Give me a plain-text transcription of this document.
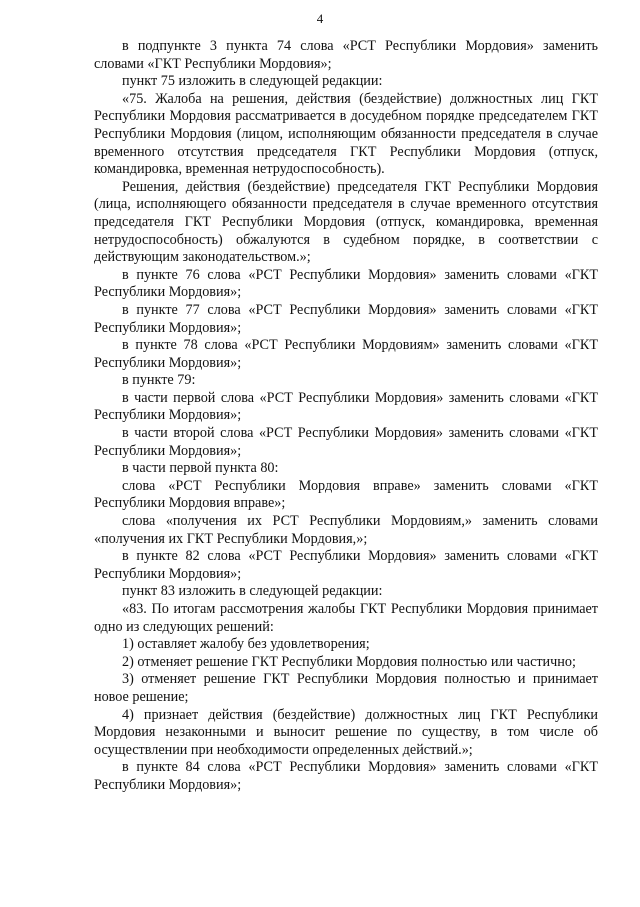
4

в подпункте 3 пункта 74 слова «РСТ Республики Мордовия» заменить словами «ГКТ Республики Мордовия»;

пункт 75 изложить в следующей редакции:

«75. Жалоба на решения, действия (бездействие) должностных лиц ГКТ Республики Мордовия рассматривается в досудебном порядке председателем ГКТ Республики Мордовия (лицом, исполняющим обязанности председателя в случае временного отсутствия председателя ГКТ Республики Мордовия (отпуск, командировка, временная нетрудоспособность).

Решения, действия (бездействие) председателя ГКТ Республики Мордовия (лица, исполняющего обязанности председателя в случае временного отсутствия председателя ГКТ Республики Мордовия (отпуск, командировка, временная нетрудоспособность) обжалуются в судебном порядке, в соответствии с действующим законодательством.»;

в пункте 76 слова «РСТ Республики Мордовия» заменить словами «ГКТ Республики Мордовия»;

в пункте 77 слова «РСТ Республики Мордовия» заменить словами «ГКТ Республики Мордовия»;

в пункте 78 слова «РСТ Республики Мордовиям» заменить словами «ГКТ Республики Мордовия»;

в пункте 79:

в части первой слова «РСТ Республики Мордовия» заменить словами «ГКТ Республики Мордовия»;

в части второй слова «РСТ Республики Мордовия» заменить словами «ГКТ Республики Мордовия»;

в части первой пункта 80:

слова «РСТ Республики Мордовия вправе» заменить словами «ГКТ Республики Мордовия вправе»;

слова «получения их РСТ Республики Мордовиям,» заменить словами «получения их ГКТ Республики Мордовия,»;

в пункте 82 слова «РСТ Республики Мордовия» заменить словами «ГКТ Республики Мордовия»;

пункт 83 изложить в следующей редакции:

«83. По итогам рассмотрения жалобы ГКТ Республики Мордовия принимает одно из следующих решений:

1) оставляет жалобу без удовлетворения;

2) отменяет решение ГКТ Республики Мордовия полностью или частично;

3) отменяет решение ГКТ Республики Мордовия полностью и принимает новое решение;

4) признает действия (бездействие) должностных лиц ГКТ Республики Мордовия незаконными и выносит решение по существу, в том числе об осуществлении при необходимости определенных действий.»;

в пункте 84 слова «РСТ Республики Мордовия» заменить словами «ГКТ Республики Мордовия»;
